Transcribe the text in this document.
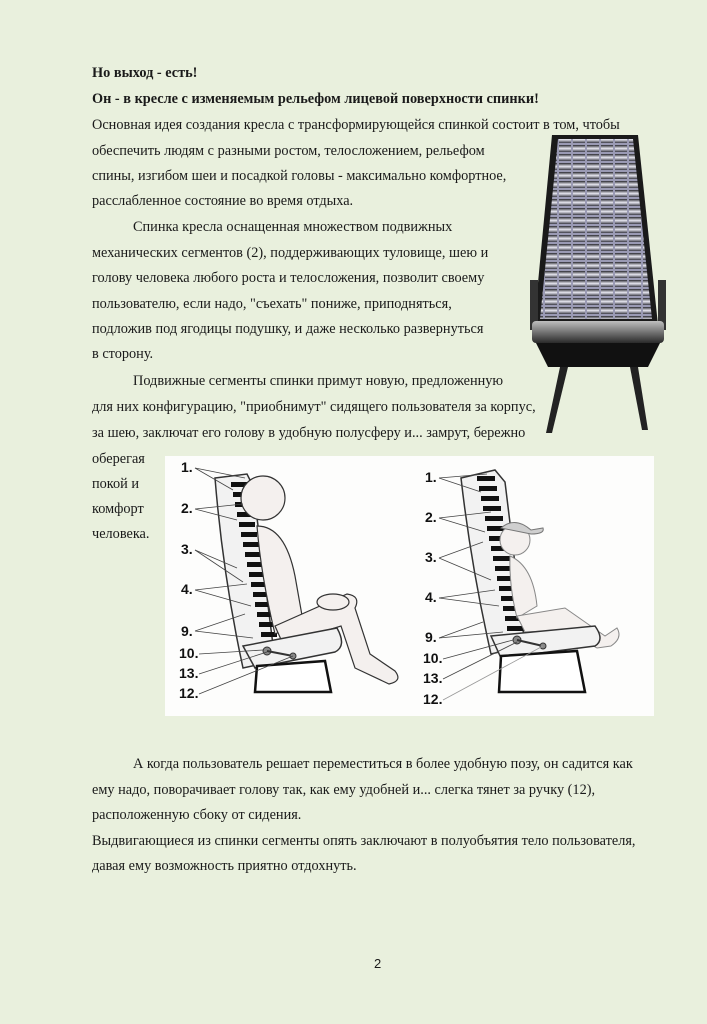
Но выход - есть!
Он - в кресле с изменяемым рельефом лицевой поверхности спинки!
Основная идея создания кресла с трансформирующейся спинкой состоит в том, чтобы
обеспечить людям с разными ростом, телосложением, рельефом
спины, изгибом шеи и посадкой головы - максимально комфортное,
расслабленное состояние во время отдыха.
Спинка кресла оснащенная множеством подвижных
механических сегментов (2), поддерживающих туловище, шею и
голову человека любого роста и телосложения, позволит своему
пользователю, если надо, "съехать" пониже, приподняться,
подложив под ягодицы подушку, и даже несколько развернуться
в сторону.
Подвижные сегменты спинки примут новую, предложенную
для них конфигурацию, "приобнимут" сидящего пользователя за корпус,
за шею, заключат его голову в удобную полусферу и... замрут, бережно
оберегая
покой и
комфорт
человека.
1.
2.
3.
4.
9.
10.
13.
12.
1.
2.
3.
4.
9.
10.
13.
12.
А когда пользователь решает переместиться в более удобную позу, он садится как
ему надо, поворачивает голову так, как ему удобней и... слегка тянет за ручку (12),
расположенную сбоку от сидения.
Выдвигающиеся из спинки сегменты опять заключают в полуобъятия тело пользователя,
давая ему возможность приятно отдохнуть.
2
